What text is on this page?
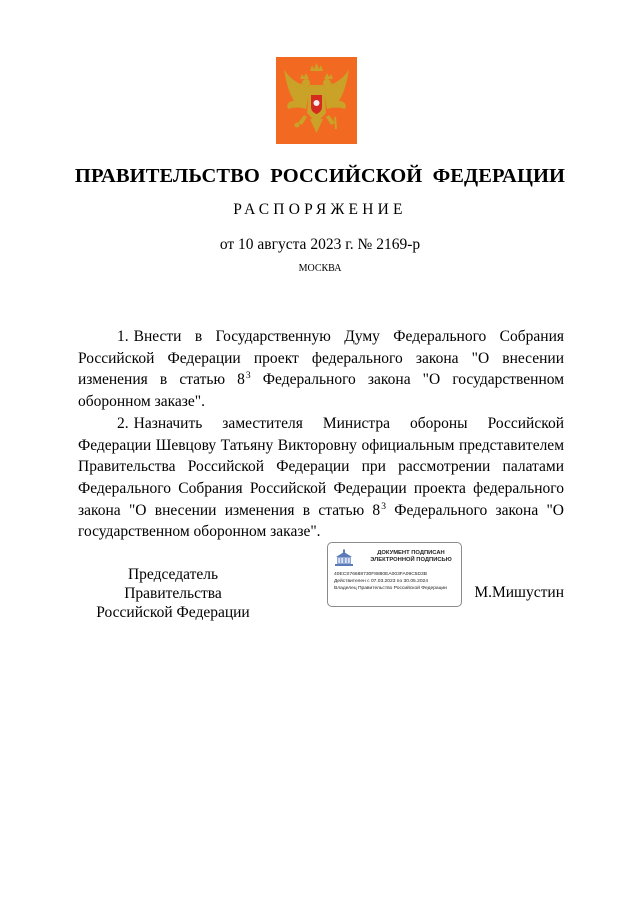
ПРАВИТЕЛЬСТВО РОССИЙСКОЙ ФЕДЕРАЦИИ
РАСПОРЯЖЕНИЕ
от 10 августа 2023 г. № 2169-р
МОСКВА

1. Внести в Государственную Думу Федерального Собрания Российской Федерации проект федерального закона "О внесении изменения в статью $8^3$ Федерального закона "О государственном оборонном заказе".

2. Назначить заместителя Министра обороны Российской Федерации Шевцову Татьяну Викторовну официальным представителем Правительства Российской Федерации при рассмотрении палатами Федерального Собрания Российской Федерации проекта федерального закона "О внесении изменения в статью $8^3$ Федерального закона "О государственном оборонном заказе".

Председатель Правительства
Российской Федерации
ДОКУМЕНТ ПОДПИСАН
ЭЛЕКТРОННОЙ ПОДПИСЬЮ
40ECS76688730F8880EA003FA09C5D3B
Действителен с 07.03.2023 по 30.05.2024
Владелец Правительство Российской Федерации	М.Мишустин
